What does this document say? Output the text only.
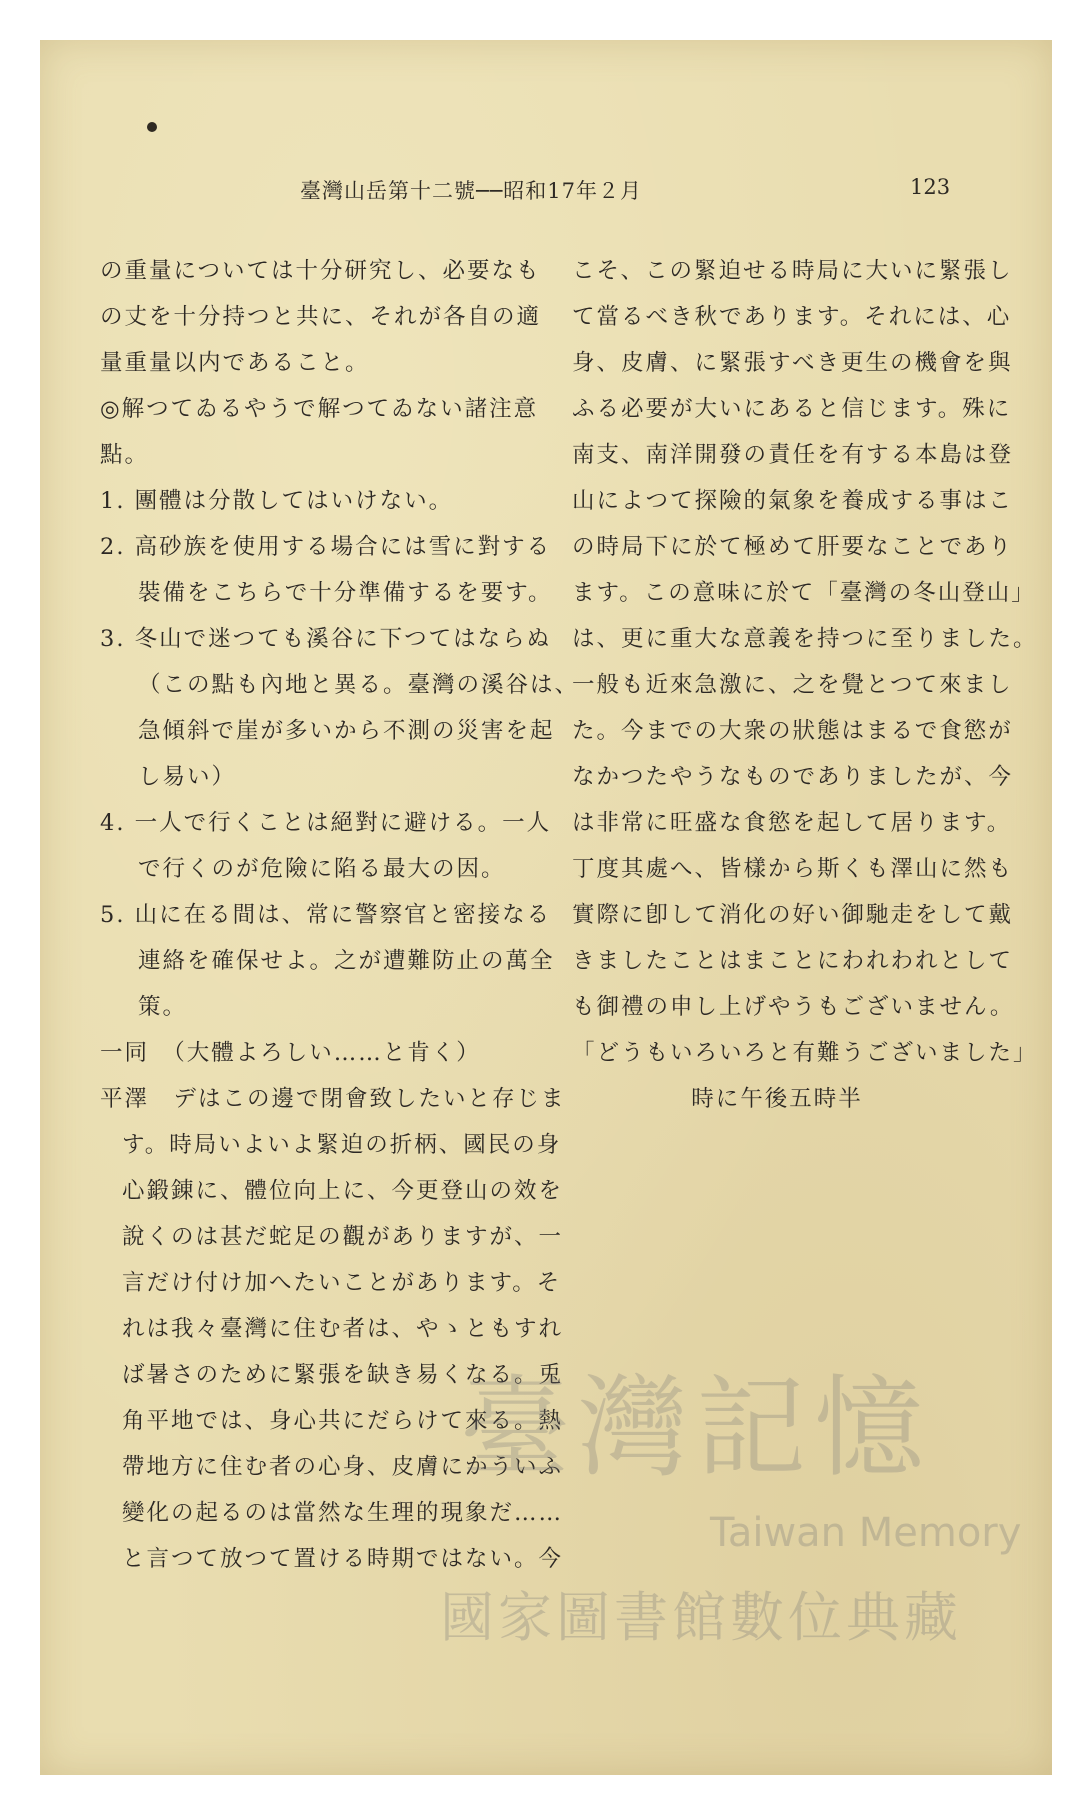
臺灣山岳第十二號──昭和17年２月	123
の重量については十分研究し、必要なも
の丈を十分持つと共に、それが各自の適
量重量以内であること。
◎解つてゐるやうで解つてゐない諸注意
點。
1. 團體は分散してはいけない。
2. 高砂族を使用する場合には雪に對する
裝備をこちらで十分準備するを要す。
3. 冬山で迷つても溪谷に下つてはならぬ
（この點も內地と異る。臺灣の溪谷は、
急傾斜で崖が多いから不測の災害を起
し易い）
4. 一人で行くことは絕對に避ける。一人
で行くのが危險に陷る最大の因。
5. 山に在る間は、常に警察官と密接なる
連絡を確保せよ。之が遭難防止の萬全
策。
一同　（大體よろしい……と肯く）
平澤　デはこの邊で閉會致したいと存じま
す。時局いよいよ緊迫の折柄、國民の身
心鍛錬に、體位向上に、今更登山の效を
說くのは甚だ蛇足の觀がありますが、一
言だけ付け加へたいことがあります。そ
れは我々臺灣に住む者は、やゝともすれ
ば暑さのために緊張を缺き易くなる。兎
角平地では、身心共にだらけて來る。熱
帶地方に住む者の心身、皮膚にかういふ
變化の起るのは當然な生理的現象だ……
と言つて放つて置ける時期ではない。今
こそ、この緊迫せる時局に大いに緊張し
て當るべき秋であります。それには、心
身、皮膚、に緊張すべき更生の機會を與
ふる必要が大いにあると信じます。殊に
南支、南洋開發の責任を有する本島は登
山によつて探險的氣象を養成する事はこ
の時局下に於て極めて肝要なことであり
ます。この意味に於て「臺灣の冬山登山」
は、更に重大な意義を持つに至りました。
一般も近來急激に、之を覺とつて來まし
た。今までの大衆の狀態はまるで食慾が
なかつたやうなものでありましたが、今
は非常に旺盛な食慾を起して居ります。
丁度其處へ、皆樣から斯くも澤山に然も
實際に卽して消化の好い御馳走をして戴
きましたことはまことにわれわれとして
も御禮の申し上げやうもございません。
「どうもいろいろと有難うございました」
時に午後五時半
臺灣記憶
Taiwan Memory
國家圖書館數位典藏
